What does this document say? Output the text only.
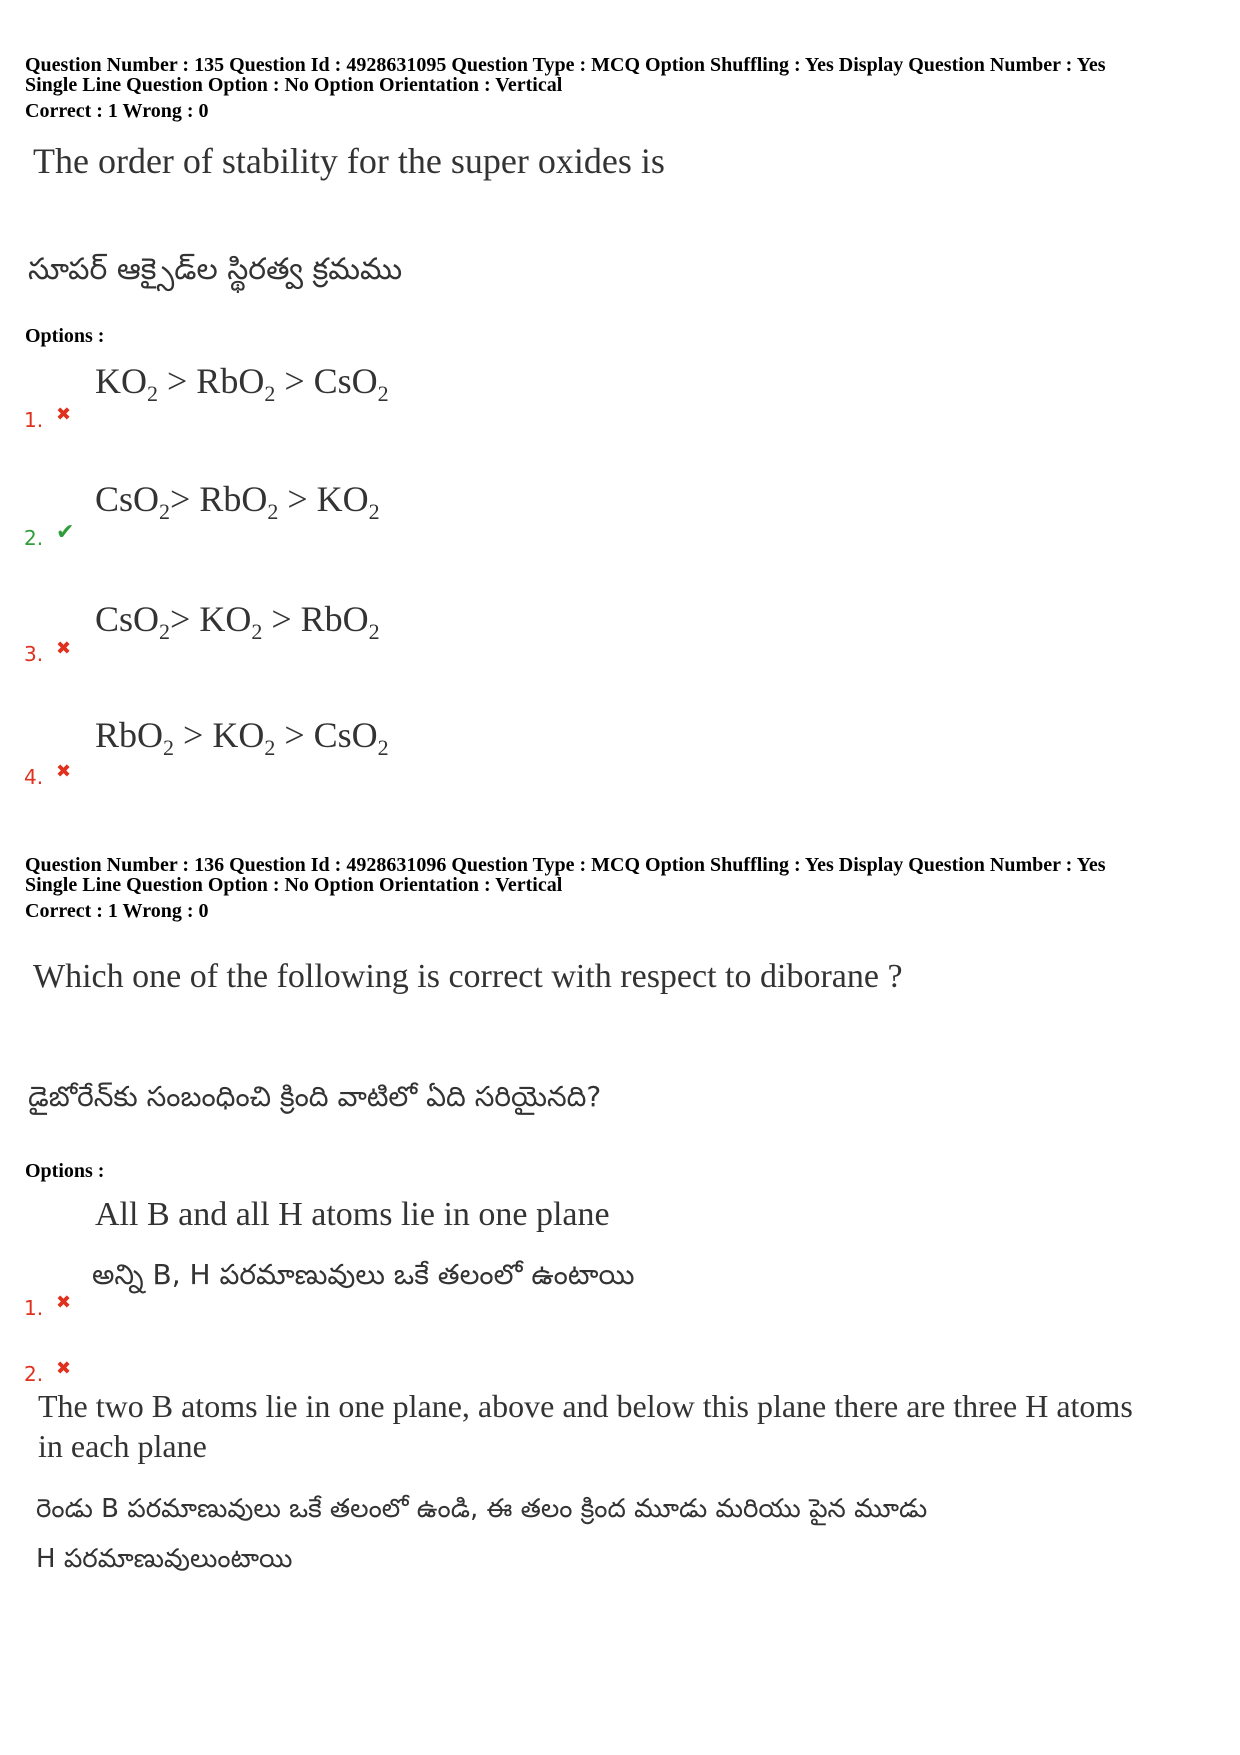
Question Number : 135 Question Id : 4928631095 Question Type : MCQ Option Shuffling : Yes Display Question Number : Yes
Single Line Question Option : No Option Orientation : Vertical
Correct : 1 Wrong : 0
The order of stability for the super oxides is
సూపర్ ఆక్సైడ్‌ల స్థిరత్వ క్రమము
Options :
$KO_2 > RbO_2 > CsO_2$
1. ✖
$CsO_2> RbO_2 > KO_2$
2. ✔
$CsO_2> KO_2 > RbO_2$
3. ✖
$RbO_2 > KO_2 > CsO_2$
4. ✖
Question Number : 136 Question Id : 4928631096 Question Type : MCQ Option Shuffling : Yes Display Question Number : Yes
Single Line Question Option : No Option Orientation : Vertical
Correct : 1 Wrong : 0
Which one of the following is correct with respect to diborane ?
డైబోరేన్‌కు సంబంధించి క్రింది వాటిలో ఏది సరియైనది?
Options :
All B and all H atoms lie in one plane
అన్ని B, H పరమాణువులు ఒకే తలంలో ఉంటాయి
1. ✖
2. ✖
The two B atoms lie in one plane, above and below this plane there are three H atoms
in each plane
రెండు B పరమాణువులు ఒకే తలంలో ఉండి, ఈ తలం క్రింద మూడు మరియు పైన మూడు
H పరమాణువులుంటాయి
